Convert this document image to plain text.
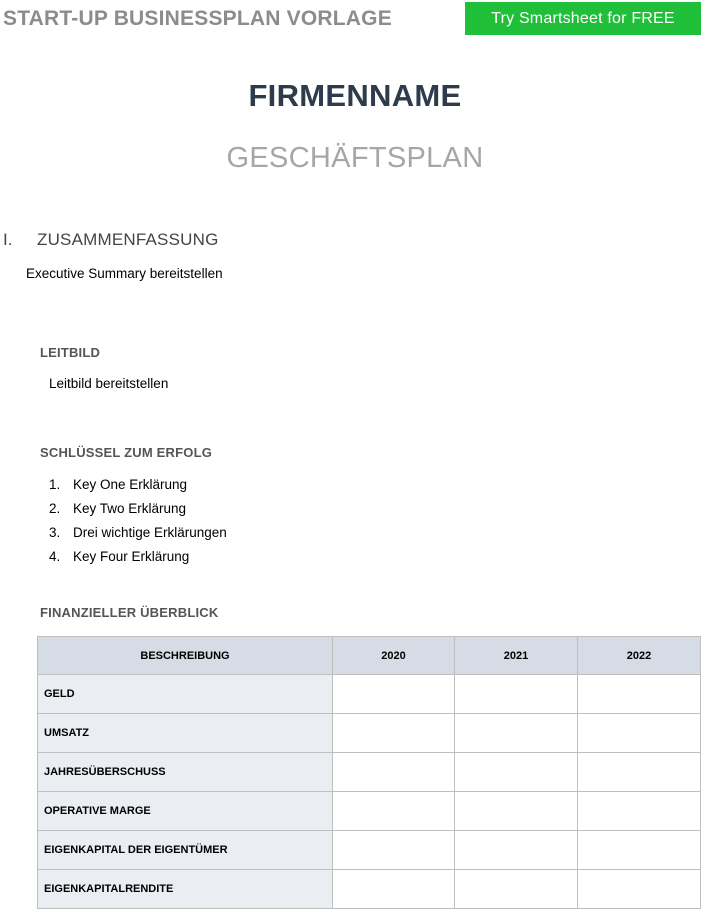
START-UP BUSINESSPLAN VORLAGE	Try Smartsheet for FREE
FIRMENNAME
GESCHÄFTSPLAN
I. ZUSAMMENFASSUNG
Executive Summary bereitstellen
LEITBILD
Leitbild bereitstellen
SCHLÜSSEL ZUM ERFOLG
1. Key One Erklärung
2. Key Two Erklärung
3. Drei wichtige Erklärungen
4. Key Four Erklärung
FINANZIELLER ÜBERBLICK
BESCHREIBUNG	2020	2021	2022
GELD			
UMSATZ			
JAHRESÜBERSCHUSS			
OPERATIVE MARGE			
EIGENKAPITAL DER EIGENTÜMER			
EIGENKAPITALRENDITE			
